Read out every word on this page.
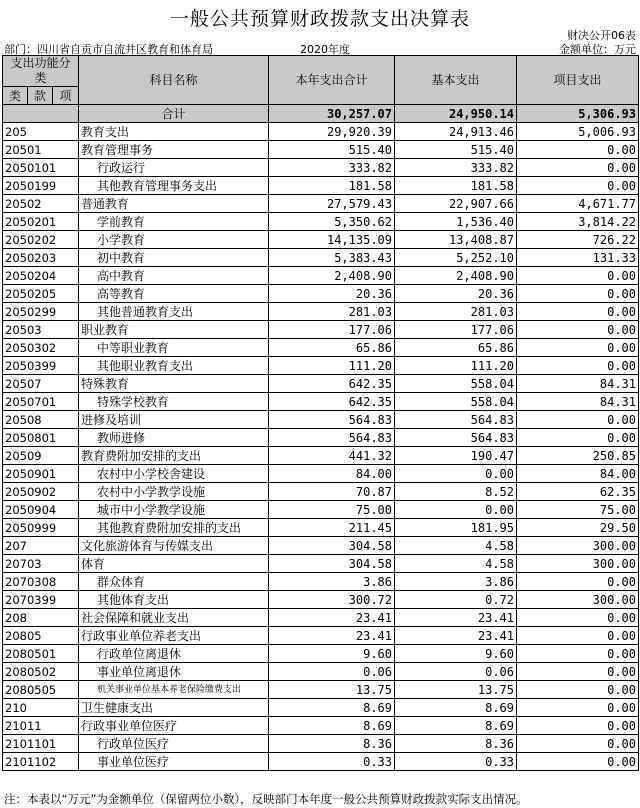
一般公共预算财政拨款支出决算表
财决公开06表
部门：四川省自贡市自流井区教育和体育局	2020年度	金额单位：万元
支出功能分类			科目名称	本年支出合计	基本支出	项目支出
类	款	项				
			合计	30,257.07	24,950.14	5,306.93
205			教育支出	29,920.39	24,913.46	5,006.93
20501			教育管理事务	515.40	515.40	0.00
2050101			行政运行	333.82	333.82	0.00
2050199			其他教育管理事务支出	181.58	181.58	0.00
20502			普通教育	27,579.43	22,907.66	4,671.77
2050201			学前教育	5,350.62	1,536.40	3,814.22
2050202			小学教育	14,135.09	13,408.87	726.22
2050203			初中教育	5,383.43	5,252.10	131.33
2050204			高中教育	2,408.90	2,408.90	0.00
2050205			高等教育	20.36	20.36	0.00
2050299			其他普通教育支出	281.03	281.03	0.00
20503			职业教育	177.06	177.06	0.00
2050302			中等职业教育	65.86	65.86	0.00
2050399			其他职业教育支出	111.20	111.20	0.00
20507			特殊教育	642.35	558.04	84.31
2050701			特殊学校教育	642.35	558.04	84.31
20508			进修及培训	564.83	564.83	0.00
2050801			教师进修	564.83	564.83	0.00
20509			教育费附加安排的支出	441.32	190.47	250.85
2050901			农村中小学校舍建设	84.00	0.00	84.00
2050902			农村中小学教学设施	70.87	8.52	62.35
2050904			城市中小学教学设施	75.00	0.00	75.00
2050999			其他教育费附加安排的支出	211.45	181.95	29.50
207			文化旅游体育与传媒支出	304.58	4.58	300.00
20703			体育	304.58	4.58	300.00
2070308			群众体育	3.86	3.86	0.00
2070399			其他体育支出	300.72	0.72	300.00
208			社会保障和就业支出	23.41	23.41	0.00
20805			行政事业单位养老支出	23.41	23.41	0.00
2080501			行政单位离退休	9.60	9.60	0.00
2080502			事业单位离退休	0.06	0.06	0.00
2080505			机关事业单位基本养老保险缴费支出	13.75	13.75	0.00
210			卫生健康支出	8.69	8.69	0.00
21011			行政事业单位医疗	8.69	8.69	0.00
2101101			行政单位医疗	8.36	8.36	0.00
2101102			事业单位医疗	0.33	0.33	0.00
注：本表以“万元”为金额单位（保留两位小数），反映部门本年度一般公共预算财政拨款实际支出情况。
